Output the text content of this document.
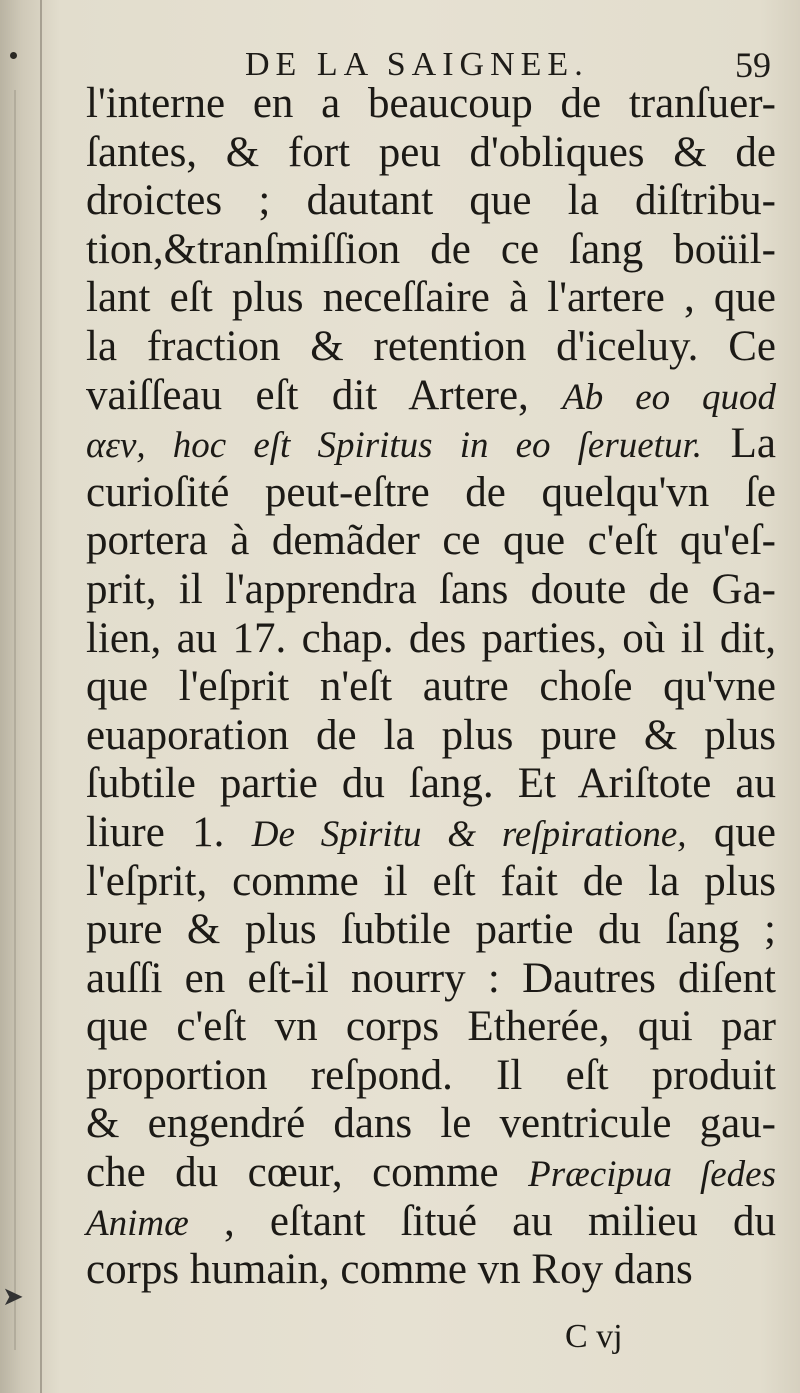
DE LA SAIGNEE.	59
l'interne en a beaucoup de tranſuer-
ſantes, & fort peu d'obliques & de
droictes ; dautant que la diſtribu-
tion,&tranſmiſſion de ce ſang boüil-
lant eſt plus neceſſaire à l'artere , que
la fraction & retention d'iceluy. Ce
vaiſſeau eſt dit Artere, Ab eo quod
αεν, hoc eſt Spiritus in eo ſeruetur. La
curioſité peut-eſtre de quelqu'vn ſe
portera à demãder ce que c'eſt qu'eſ-
prit, il l'apprendra ſans doute de Ga-
lien, au 17. chap. des parties, où il dit,
que l'eſprit n'eſt autre choſe qu'vne
euaporation de la plus pure & plus
ſubtile partie du ſang. Et Ariſtote au
liure 1. De Spiritu & reſpiratione, que
l'eſprit, comme il eſt fait de la plus
pure & plus ſubtile partie du ſang ;
auſſi en eſt-il nourry : Dautres diſent
que c'eſt vn corps Etherée, qui par
proportion reſpond. Il eſt produit
& engendré dans le ventricule gau-
che du cœur, comme Præcipua ſedes
Animæ , eſtant ſitué au milieu du
corps humain, comme vn Roy dans
➤
C vj
